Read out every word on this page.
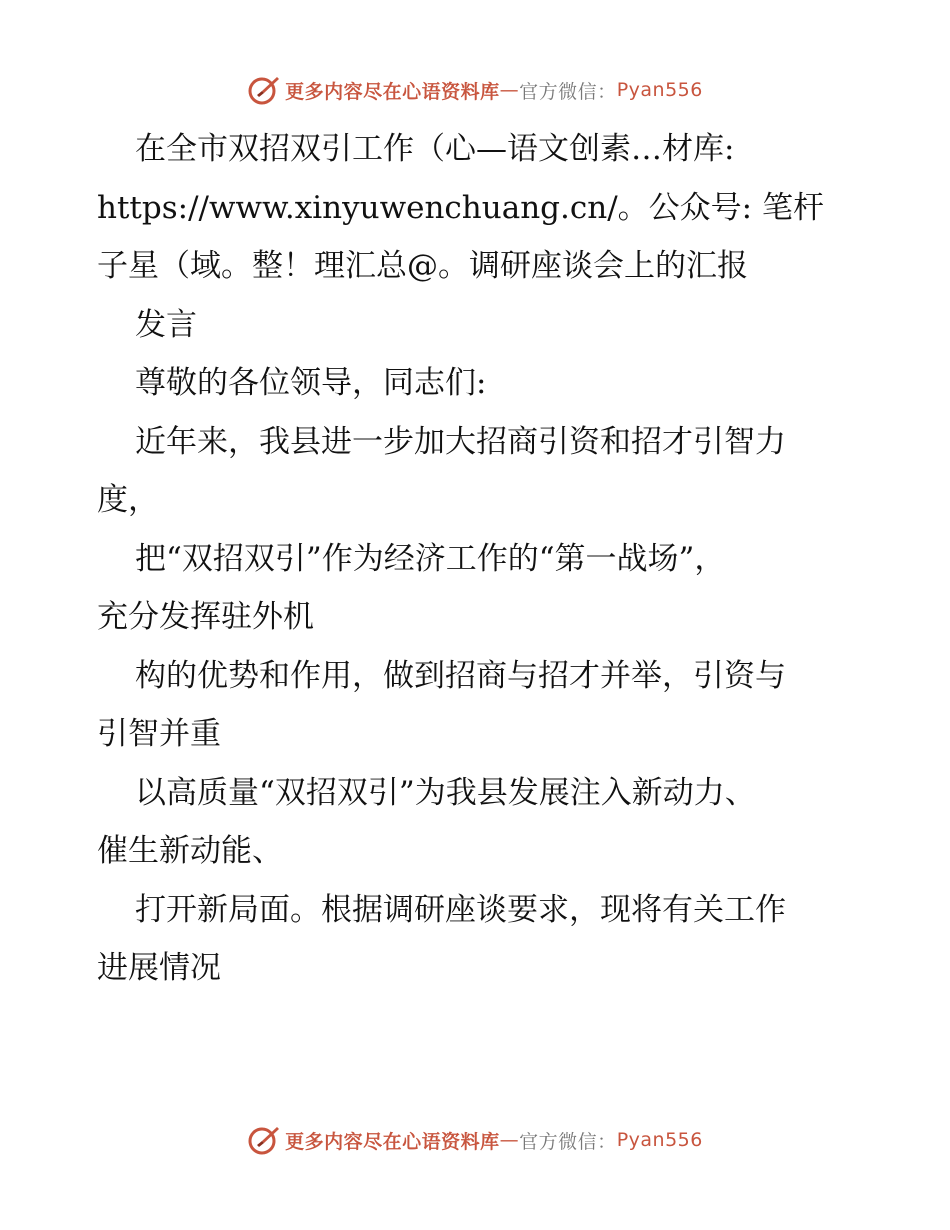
更多内容尽在心语资料库 — 官方微信： Pyan556
在全市双招双引工作（心—语文创素…材库:
https://www.xinyuwenchuang.cn/。公众号: 笔杆
子星（域。整！理汇总@。调研座谈会上的汇报
发言
尊敬的各位领导，同志们:
近年来，我县进一步加大招商引资和招才引智力
度，
把“双招双引”作为经济工作的“第一战场”，
充分发挥驻外机
构的优势和作用，做到招商与招才并举，引资与
引智并重
以高质量“双招双引”为我县发展注入新动力、
催生新动能、
打开新局面。根据调研座谈要求，现将有关工作
进展情况
更多内容尽在心语资料库 — 官方微信： Pyan556
